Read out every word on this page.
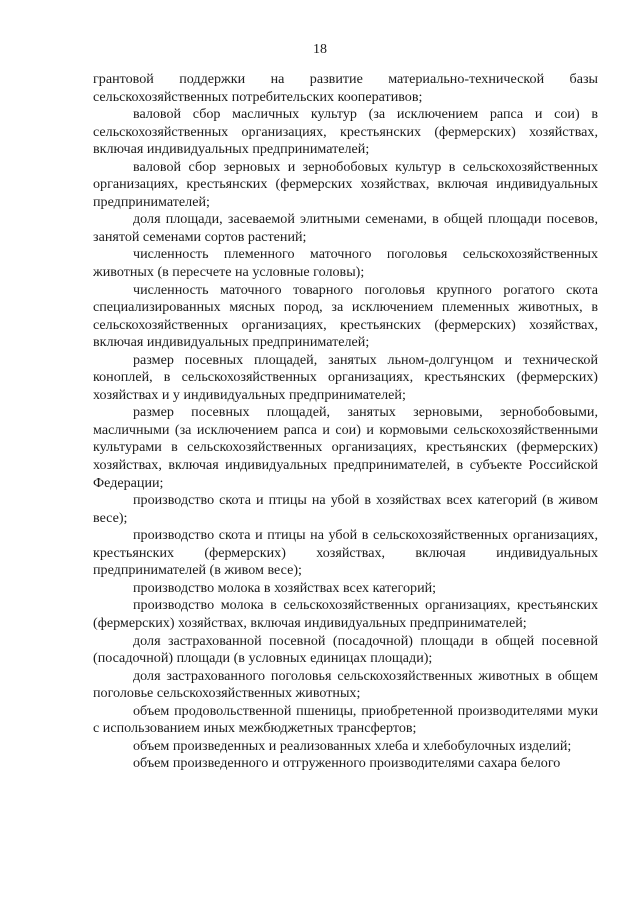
18

грантовой поддержки на развитие материально-технической базы сельскохозяйственных потребительских кооперативов;

валовой сбор масличных культур (за исключением рапса и сои) в сельскохозяйственных организациях, крестьянских (фермерских) хозяйствах, включая индивидуальных предпринимателей;

валовой сбор зерновых и зернобобовых культур в сельскохозяйственных организациях, крестьянских (фермерских хозяйствах, включая индивидуальных предпринимателей;

доля площади, засеваемой элитными семенами, в общей площади посевов, занятой семенами сортов растений;

численность племенного маточного поголовья сельскохозяйственных животных (в пересчете на условные головы);

численность маточного товарного поголовья крупного рогатого скота специализированных мясных пород, за исключением племенных животных, в сельскохозяйственных организациях, крестьянских (фермерских) хозяйствах, включая индивидуальных предпринимателей;

размер посевных площадей, занятых льном-долгунцом и технической коноплей, в сельскохозяйственных организациях, крестьянских (фермерских) хозяйствах и у индивидуальных предпринимателей;

размер посевных площадей, занятых зерновыми, зернобобовыми, масличными (за исключением рапса и сои) и кормовыми сельскохозяйственными культурами в сельскохозяйственных организациях, крестьянских (фермерских) хозяйствах, включая индивидуальных предпринимателей, в субъекте Российской Федерации;

производство скота и птицы на убой в хозяйствах всех категорий (в живом весе);

производство скота и птицы на убой в сельскохозяйственных организациях, крестьянских (фермерских) хозяйствах, включая индивидуальных предпринимателей (в живом весе);

производство молока в хозяйствах всех категорий;

производство молока в сельскохозяйственных организациях, крестьянских (фермерских) хозяйствах, включая индивидуальных предпринимателей;

доля застрахованной посевной (посадочной) площади в общей посевной (посадочной) площади (в условных единицах площади);

доля застрахованного поголовья сельскохозяйственных животных в общем поголовье сельскохозяйственных животных;

объем продовольственной пшеницы, приобретенной производителями муки с использованием иных межбюджетных трансфертов;

объем произведенных и реализованных хлеба и хлебобулочных изделий;

объем произведенного и отгруженного производителями сахара белого
